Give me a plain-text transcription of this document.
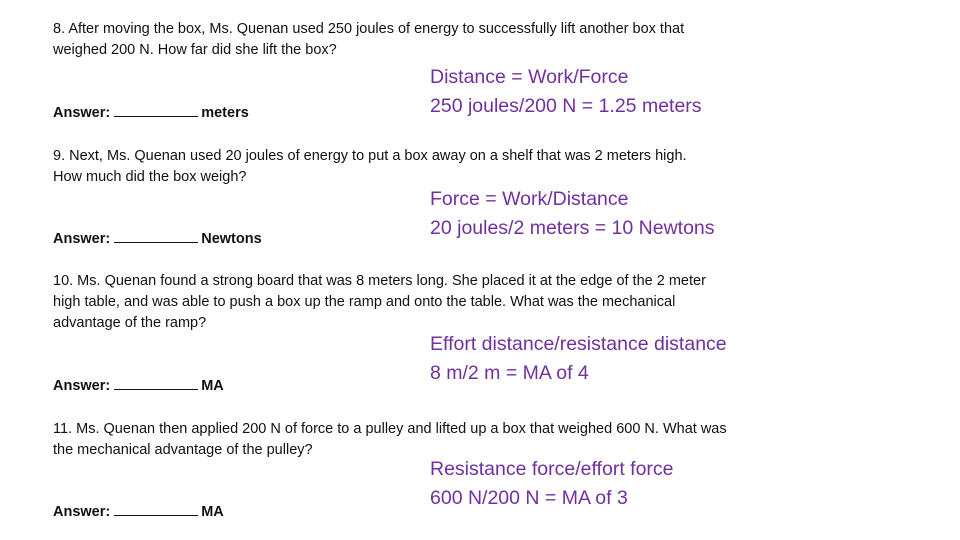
8. After moving the box, Ms. Quenan used 250 joules of energy to successfully lift another box that weighed 200 N. How far did she lift the box?
Answer:	meters
Distance = Work/Force
250 joules/200 N = 1.25 meters
9. Next, Ms. Quenan used 20 joules of energy to put a box away on a shelf that was 2 meters high. How much did the box weigh?
Answer:	Newtons
Force = Work/Distance
20 joules/2 meters = 10 Newtons
10. Ms. Quenan found a strong board that was 8 meters long. She placed it at the edge of the 2 meter high table, and was able to push a box up the ramp and onto the table. What was the mechanical advantage of the ramp?
Answer:	MA
Effort distance/resistance distance
8 m/2 m = MA of 4
11. Ms. Quenan then applied 200 N of force to a pulley and lifted up a box that weighed 600 N. What was the mechanical advantage of the pulley?
Answer:	MA
Resistance force/effort force
600 N/200 N = MA of 3
